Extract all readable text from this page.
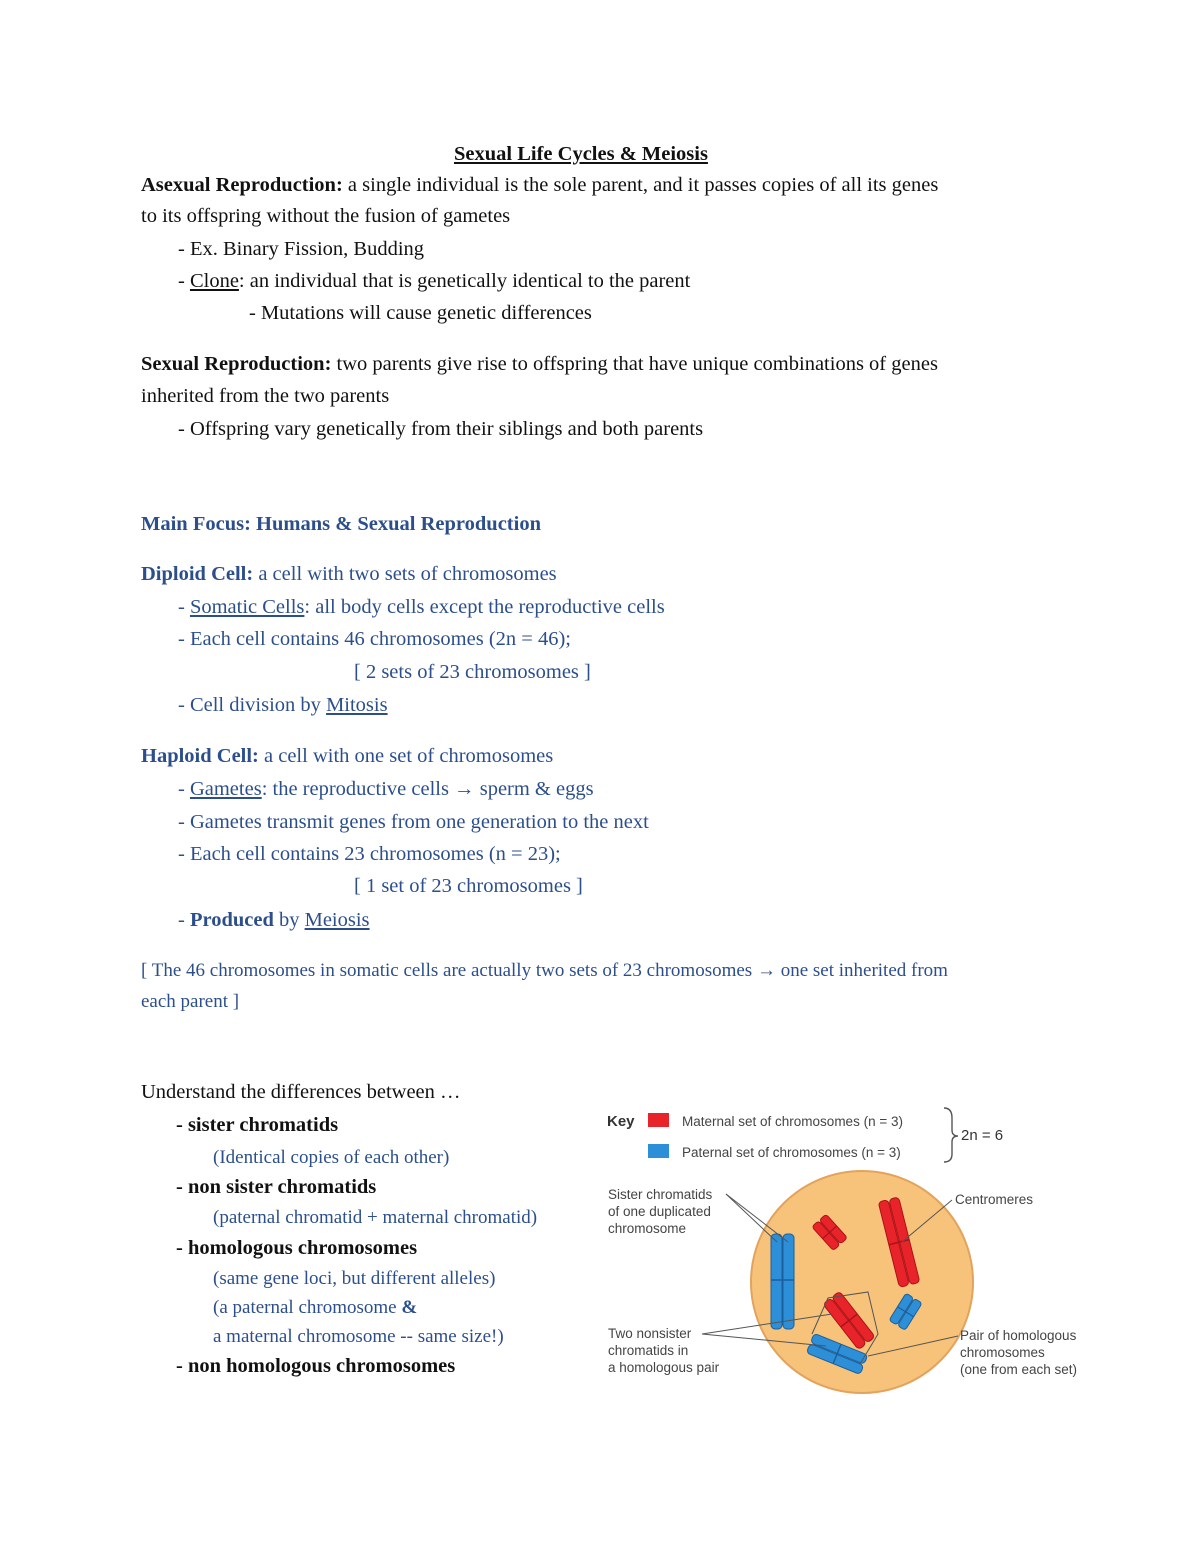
Sexual Life Cycles & Meiosis
Asexual Reproduction: a single individual is the sole parent, and it passes copies of all its genes
to its offspring without the fusion of gametes
- Ex. Binary Fission, Budding
- Clone: an individual that is genetically identical to the parent
- Mutations will cause genetic differences
Sexual Reproduction: two parents give rise to offspring that have unique combinations of genes
inherited from the two parents
- Offspring vary genetically from their siblings and both parents
Main Focus: Humans & Sexual Reproduction
Diploid Cell: a cell with two sets of chromosomes
- Somatic Cells: all body cells except the reproductive cells
- Each cell contains 46 chromosomes (2n = 46);
[ 2 sets of 23 chromosomes ]
- Cell division by Mitosis
Haploid Cell: a cell with one set of chromosomes
- Gametes: the reproductive cells → sperm & eggs
- Gametes transmit genes from one generation to the next
- Each cell contains 23 chromosomes (n = 23);
[ 1 set of 23 chromosomes ]
- Produced by Meiosis
[ The 46 chromosomes in somatic cells are actually two sets of 23 chromosomes → one set inherited from
each parent ]
Understand the differences between …
- sister chromatids
(Identical copies of each other)
- non sister chromatids
(paternal chromatid + maternal chromatid)
- homologous chromosomes
(same gene loci, but different alleles)
(a paternal chromosome &
a maternal chromosome -- same size!)
- non homologous chromosomes
Key	Maternal set of chromosomes (n = 3)
Paternal set of chromosomes (n = 3)
2n = 6
Sister chromatids
of one duplicated
chromosome
Centromeres
Two nonsister
chromatids in
a homologous pair
Pair of homologous
chromosomes
(one from each set)
